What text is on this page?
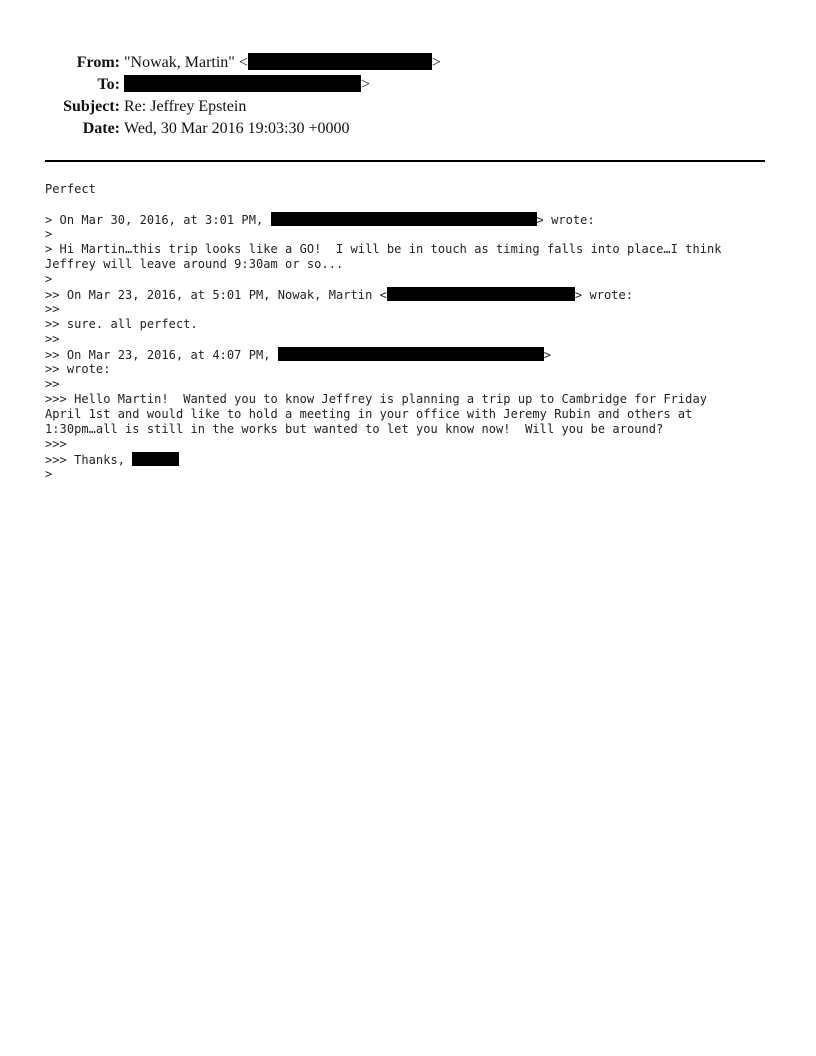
From: "Nowak, Martin" <	>
To:	>
Subject: Re: Jeffrey Epstein
Date: Wed, 30 Mar 2016 19:03:30 +0000
Perfect
> On Mar 30, 2016, at 3:01 PM,	> wrote:
>
> Hi Martin…this trip looks like a GO!  I will be in touch as timing falls into place…I think
Jeffrey will leave around 9:30am or so...
>
>> On Mar 23, 2016, at 5:01 PM, Nowak, Martin <	> wrote:
>>
>> sure. all perfect.
>>
>> On Mar 23, 2016, at 4:07 PM,	>
>> wrote:
>>
>>> Hello Martin!  Wanted you to know Jeffrey is planning a trip up to Cambridge for Friday
April 1st and would like to hold a meeting in your office with Jeremy Rubin and others at
1:30pm…all is still in the works but wanted to let you know now!  Will you be around?
>>>
>>> Thanks,
>
